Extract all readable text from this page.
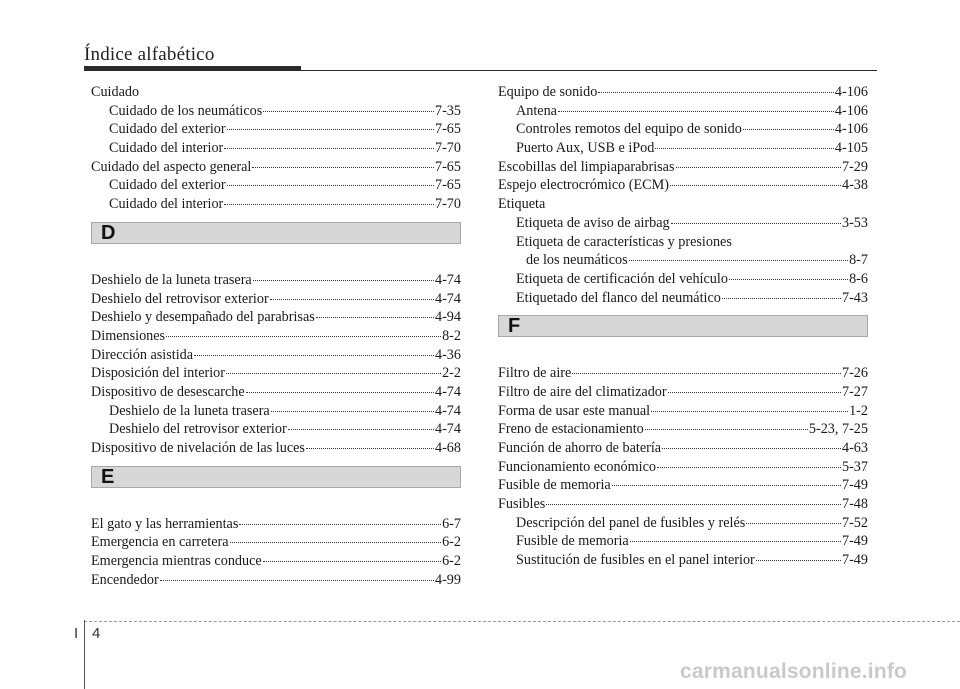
Índice alfabético
Cuidado
Cuidado de los neumáticos	7-35
Cuidado del exterior	7-65
Cuidado del interior	7-70
Cuidado del aspecto general	7-65
Cuidado del exterior	7-65
Cuidado del interior	7-70
D
Deshielo de la luneta trasera	4-74
Deshielo del retrovisor exterior	4-74
Deshielo y desempañado del parabrisas	4-94
Dimensiones	8-2
Dirección asistida	4-36
Disposición del interior	2-2
Dispositivo de desescarche	4-74
Deshielo de la luneta trasera	4-74
Deshielo del retrovisor exterior	4-74
Dispositivo de nivelación de las luces	4-68
E
El gato y las herramientas	6-7
Emergencia en carretera	6-2
Emergencia mientras conduce	6-2
Encendedor	4-99
Equipo de sonido	4-106
Antena	4-106
Controles remotos del equipo de sonido	4-106
Puerto Aux, USB e iPod	4-105
Escobillas del limpiaparabrisas	7-29
Espejo electrocrómico (ECM)	4-38
Etiqueta
Etiqueta de aviso de airbag	3-53
Etiqueta de características y presiones
de los neumáticos	8-7
Etiqueta de certificación del vehículo	8-6
Etiquetado del flanco del neumático	7-43
F
Filtro de aire	7-26
Filtro de aire del climatizador	7-27
Forma de usar este manual	1-2
Freno de estacionamiento	5-23, 7-25
Función de ahorro de batería	4-63
Funcionamiento económico	5-37
Fusible de memoria	7-49
Fusibles	7-48
Descripción del panel de fusibles y relés	7-52
Fusible de memoria	7-49
Sustitución de fusibles en el panel interior	7-49
I 4
carmanualsonline.info
